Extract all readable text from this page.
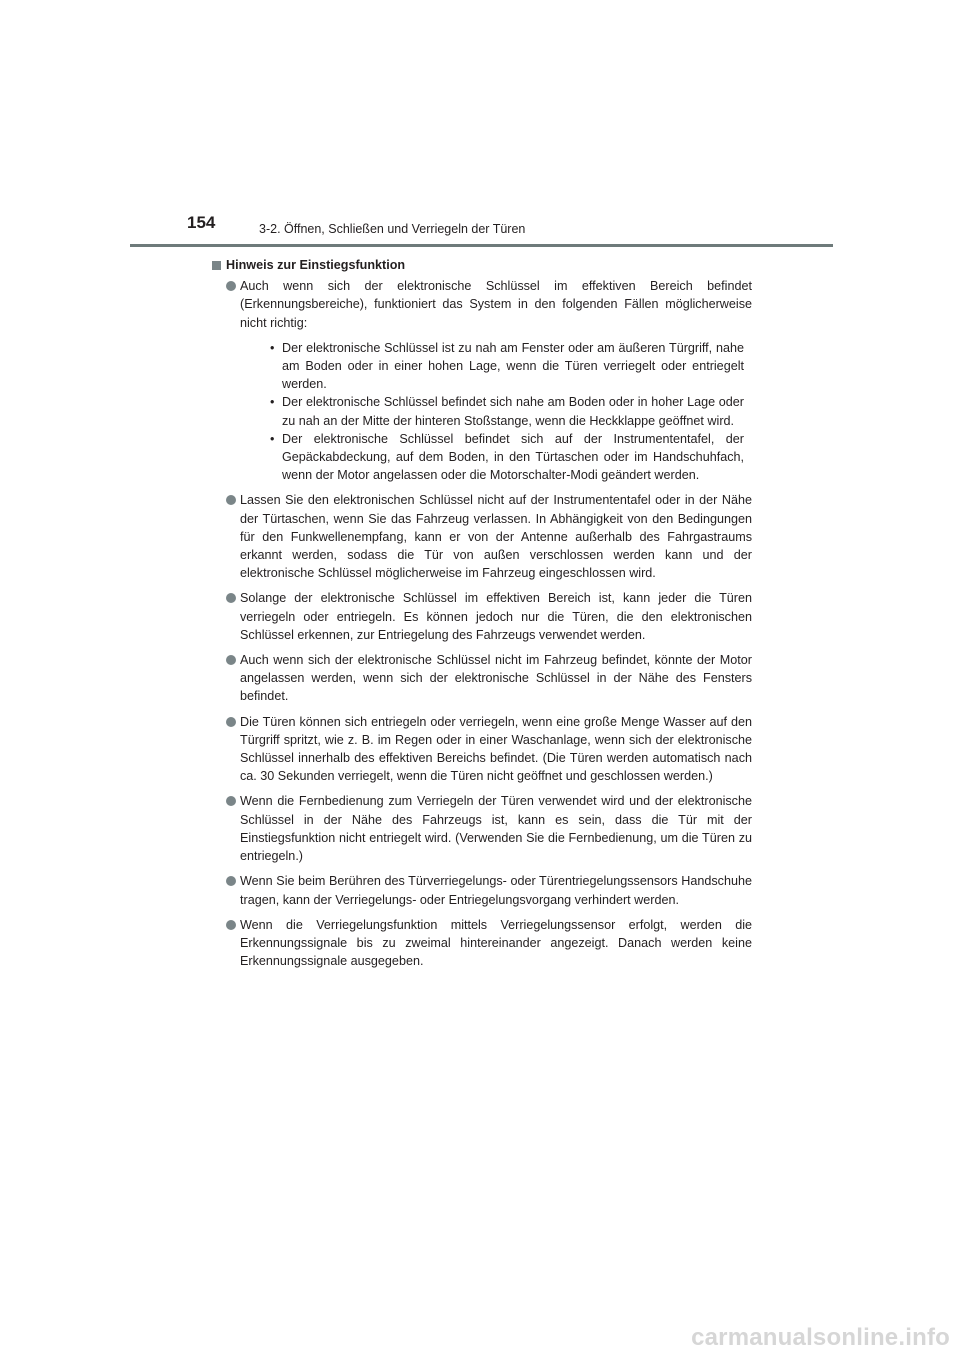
154	3-2. Öffnen, Schließen und Verriegeln der Türen
Hinweis zur Einstiegsfunktion
Auch wenn sich der elektronische Schlüssel im effektiven Bereich befindet (Erkennungsbereiche), funktioniert das System in den folgenden Fällen möglicherweise nicht richtig:
• Der elektronische Schlüssel ist zu nah am Fenster oder am äußeren Türgriff, nahe am Boden oder in einer hohen Lage, wenn die Türen verriegelt oder entriegelt werden.
• Der elektronische Schlüssel befindet sich nahe am Boden oder in hoher Lage oder zu nah an der Mitte der hinteren Stoßstange, wenn die Heckklappe geöffnet wird.
• Der elektronische Schlüssel befindet sich auf der Instrumententafel, der Gepäckabdeckung, auf dem Boden, in den Türtaschen oder im Handschuhfach, wenn der Motor angelassen oder die Motorschalter-Modi geändert werden.
Lassen Sie den elektronischen Schlüssel nicht auf der Instrumententafel oder in der Nähe der Türtaschen, wenn Sie das Fahrzeug verlassen. In Abhängigkeit von den Bedingungen für den Funkwellenempfang, kann er von der Antenne außerhalb des Fahrgastraums erkannt werden, sodass die Tür von außen verschlossen werden kann und der elektronische Schlüssel möglicherweise im Fahrzeug eingeschlossen wird.
Solange der elektronische Schlüssel im effektiven Bereich ist, kann jeder die Türen verriegeln oder entriegeln. Es können jedoch nur die Türen, die den elektronischen Schlüssel erkennen, zur Entriegelung des Fahrzeugs verwendet werden.
Auch wenn sich der elektronische Schlüssel nicht im Fahrzeug befindet, könnte der Motor angelassen werden, wenn sich der elektronische Schlüssel in der Nähe des Fensters befindet.
Die Türen können sich entriegeln oder verriegeln, wenn eine große Menge Wasser auf den Türgriff spritzt, wie z. B. im Regen oder in einer Waschanlage, wenn sich der elektronische Schlüssel innerhalb des effektiven Bereichs befindet. (Die Türen werden automatisch nach ca. 30 Sekunden verriegelt, wenn die Türen nicht geöffnet und geschlossen werden.)
Wenn die Fernbedienung zum Verriegeln der Türen verwendet wird und der elektronische Schlüssel in der Nähe des Fahrzeugs ist, kann es sein, dass die Tür mit der Einstiegsfunktion nicht entriegelt wird. (Verwenden Sie die Fernbedienung, um die Türen zu entriegeln.)
Wenn Sie beim Berühren des Türverriegelungs- oder Türentriegelungssensors Handschuhe tragen, kann der Verriegelungs- oder Entriegelungsvorgang verhindert werden.
Wenn die Verriegelungsfunktion mittels Verriegelungssensor erfolgt, werden die Erkennungssignale bis zu zweimal hintereinander angezeigt. Danach werden keine Erkennungssignale ausgegeben.
carmanualsonline.info
